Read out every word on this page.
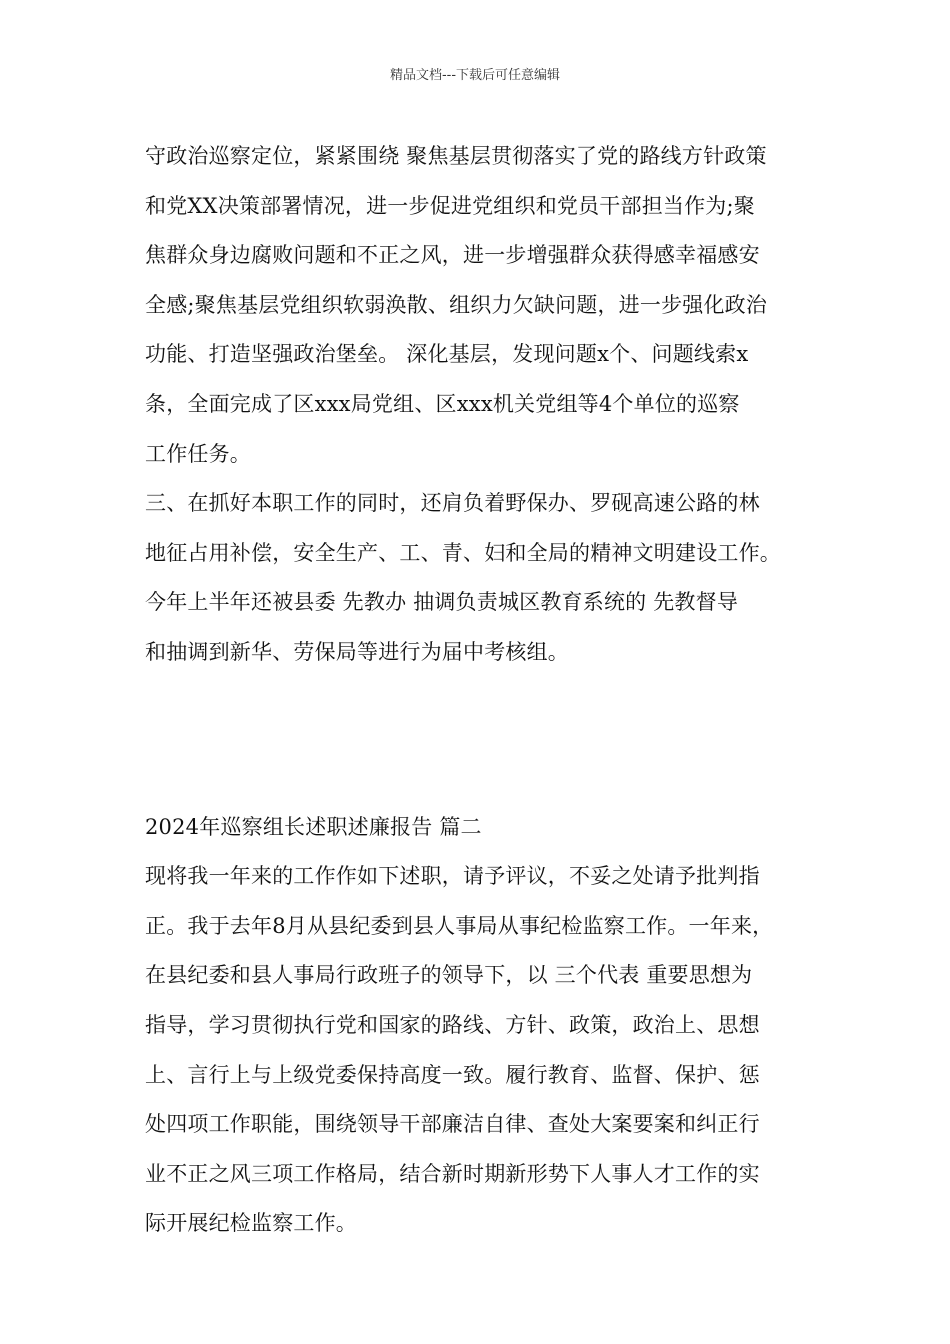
精品文档---下载后可任意编辑
守政治巡察定位，紧紧围绕 聚焦基层贯彻落实了党的路线方针政策
和党XX决策部署情况，进一步促进党组织和党员干部担当作为;聚
焦群众身边腐败问题和不正之风，进一步增强群众获得感幸福感安
全感;聚焦基层党组织软弱涣散、组织力欠缺问题，进一步强化政治
功能、打造坚强政治堡垒。 深化基层，发现问题x个、问题线索x
条，全面完成了区xxx局党组、区xxx机关党组等4个单位的巡察
工作任务。
三、在抓好本职工作的同时，还肩负着野保办、罗砚高速公路的林
地征占用补偿，安全生产、工、青、妇和全局的精神文明建设工作。
今年上半年还被县委 先教办 抽调负责城区教育系统的 先教督导
和抽调到新华、劳保局等进行为届中考核组。
2024年巡察组长述职述廉报告 篇二
现将我一年来的工作作如下述职，请予评议，不妥之处请予批判指
正。我于去年8月从县纪委到县人事局从事纪检监察工作。一年来，
在县纪委和县人事局行政班子的领导下，以 三个代表 重要思想为
指导，学习贯彻执行党和国家的路线、方针、政策，政治上、思想
上、言行上与上级党委保持高度一致。履行教育、监督、保护、惩
处四项工作职能，围绕领导干部廉洁自律、查处大案要案和纠正行
业不正之风三项工作格局，结合新时期新形势下人事人才工作的实
际开展纪检监察工作。
